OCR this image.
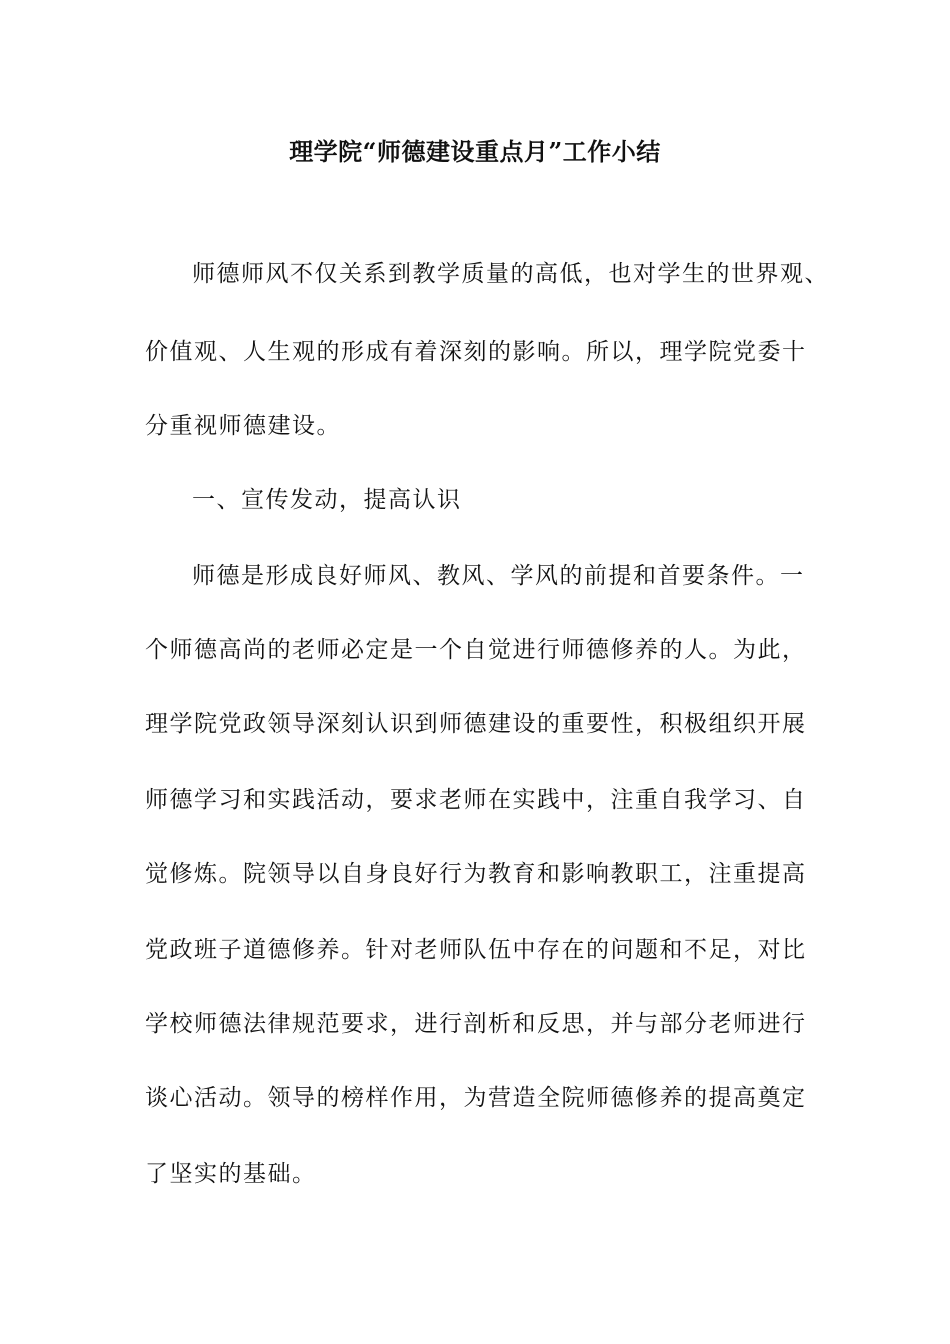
理学院“师德建设重点月”工作小结
师德师风不仅关系到教学质量的高低，也对学生的世界观、
价值观、人生观的形成有着深刻的影响。所以，理学院党委十
分重视师德建设。
一、宣传发动，提高认识
师德是形成良好师风、教风、学风的前提和首要条件。一
个师德高尚的老师必定是一个自觉进行师德修养的人。为此，
理学院党政领导深刻认识到师德建设的重要性，积极组织开展
师德学习和实践活动，要求老师在实践中，注重自我学习、自
觉修炼。院领导以自身良好行为教育和影响教职工，注重提高
党政班子道德修养。针对老师队伍中存在的问题和不足，对比
学校师德法律规范要求，进行剖析和反思，并与部分老师进行
谈心活动。领导的榜样作用，为营造全院师德修养的提高奠定
了坚实的基础。
